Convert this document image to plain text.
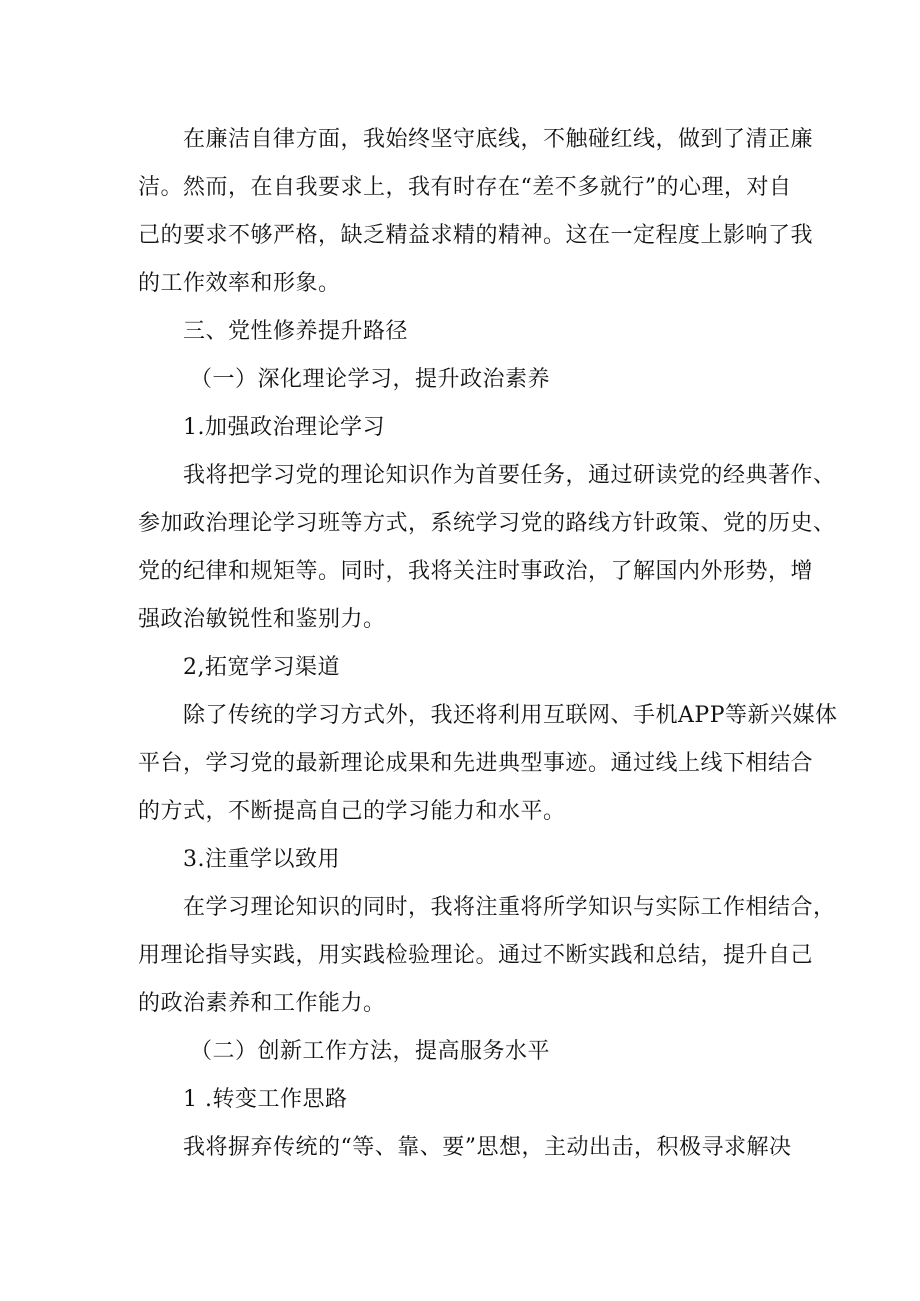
在廉洁自律方面，我始终坚守底线，不触碰红线，做到了清正廉
洁。然而，在自我要求上，我有时存在“差不多就行”的心理，对自
己的要求不够严格，缺乏精益求精的精神。这在一定程度上影响了我
的工作效率和形象。
三、党性修养提升路径
（一）深化理论学习，提升政治素养
1.加强政治理论学习
我将把学习党的理论知识作为首要任务，通过研读党的经典著作、
参加政治理论学习班等方式，系统学习党的路线方针政策、党的历史、
党的纪律和规矩等。同时，我将关注时事政治，了解国内外形势，增
强政治敏锐性和鉴别力。
2,拓宽学习渠道
除了传统的学习方式外，我还将利用互联网、手机APP等新兴媒体
平台，学习党的最新理论成果和先进典型事迹。通过线上线下相结合
的方式，不断提高自己的学习能力和水平。
3.注重学以致用
在学习理论知识的同时，我将注重将所学知识与实际工作相结合，
用理论指导实践，用实践检验理论。通过不断实践和总结，提升自己
的政治素养和工作能力。
（二）创新工作方法，提高服务水平
1 .转变工作思路
我将摒弃传统的“等、靠、要”思想，主动出击，积极寻求解决
